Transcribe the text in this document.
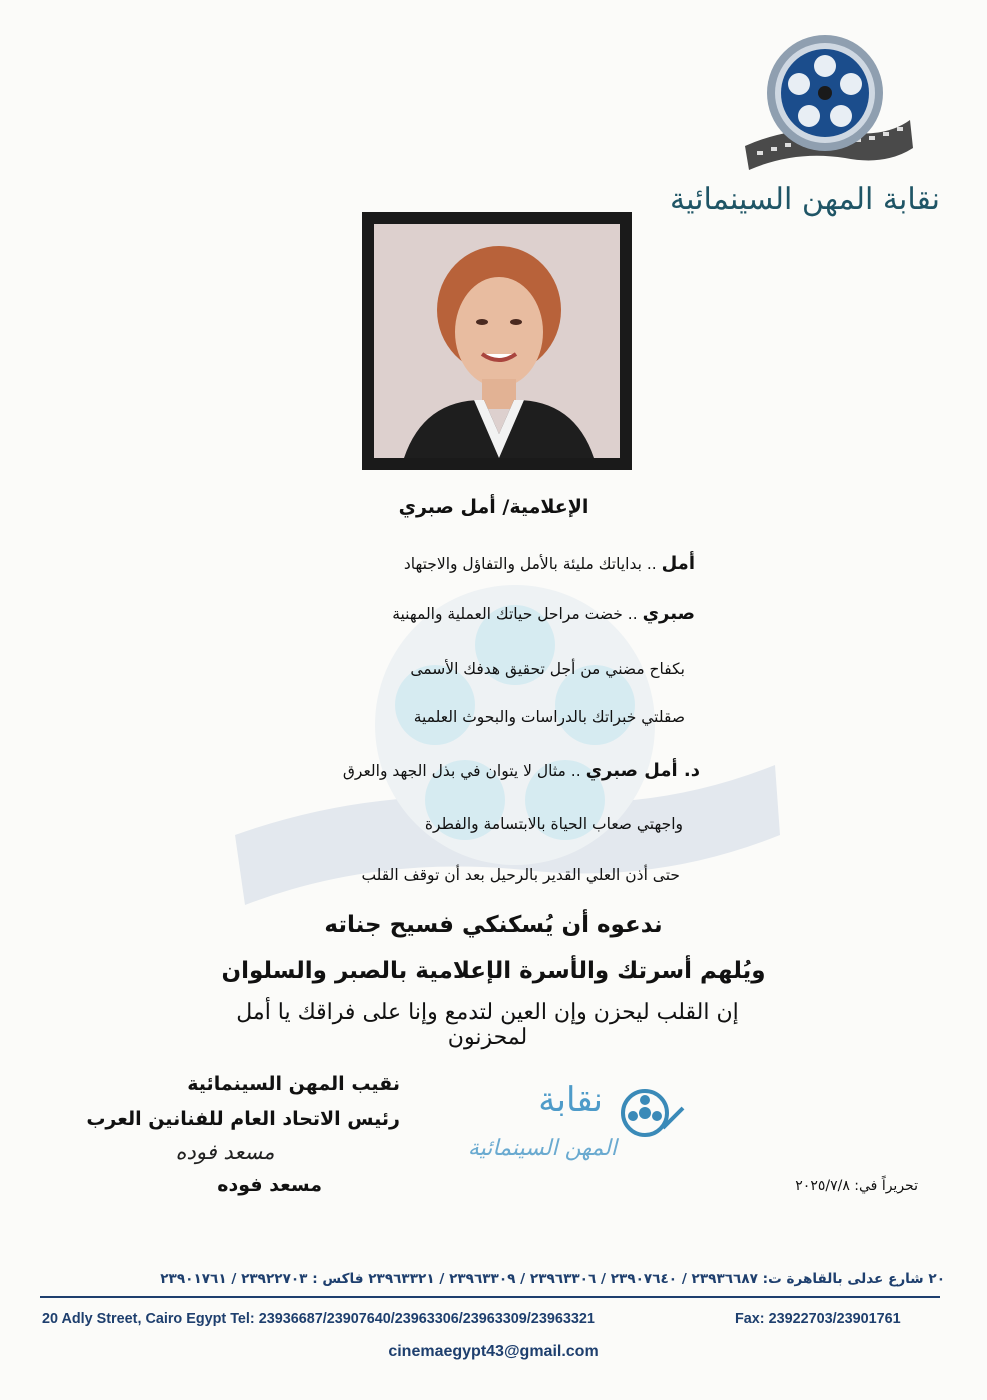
نقابة المهن السينمائية
الإعلامية/ أمل صبري
أمل .. بداياتك مليئة بالأمل والتفاؤل والاجتهاد
صبري .. خضت مراحل حياتك العملية والمهنية
بكفاح مضني من أجل تحقيق هدفك الأسمى
صقلتي خبراتك بالدراسات والبحوث العلمية
د. أمل صبري .. مثال لا يتوان في بذل الجهد والعرق
واجهتي صعاب الحياة بالابتسامة والفطرة
حتى أذن العلي القدير بالرحيل بعد أن توقف القلب
ندعوه أن يُسكنكي فسيح جناته
ويُلهم أسرتك والأسرة الإعلامية بالصبر والسلوان
إن القلب ليحزن وإن العين لتدمع وإنا على فراقك يا أمل لمحزنون
نقيب المهن السينمائية
رئيس الاتحاد العام للفنانين العرب
مسعد فوده
مسعد فوده
نقابة
المهن السينمائية
تحريراً في: ٢٠٢٥/٧/٨
٢٠ شارع عدلى بالقاهرة ت: ٢٣٩٣٦٦٨٧ / ٢٣٩٠٧٦٤٠ / ٢٣٩٦٣٣٠٦ / ٢٣٩٦٣٣٠٩ / ٢٣٩٦٣٣٢١ فاكس : ٢٣٩٢٢٧٠٣ / ٢٣٩٠١٧٦١
20 Adly Street, Cairo Egypt Tel: 23936687/23907640/23963306/23963309/23963321	Fax: 23922703/23901761
cinemaegypt43@gmail.com
